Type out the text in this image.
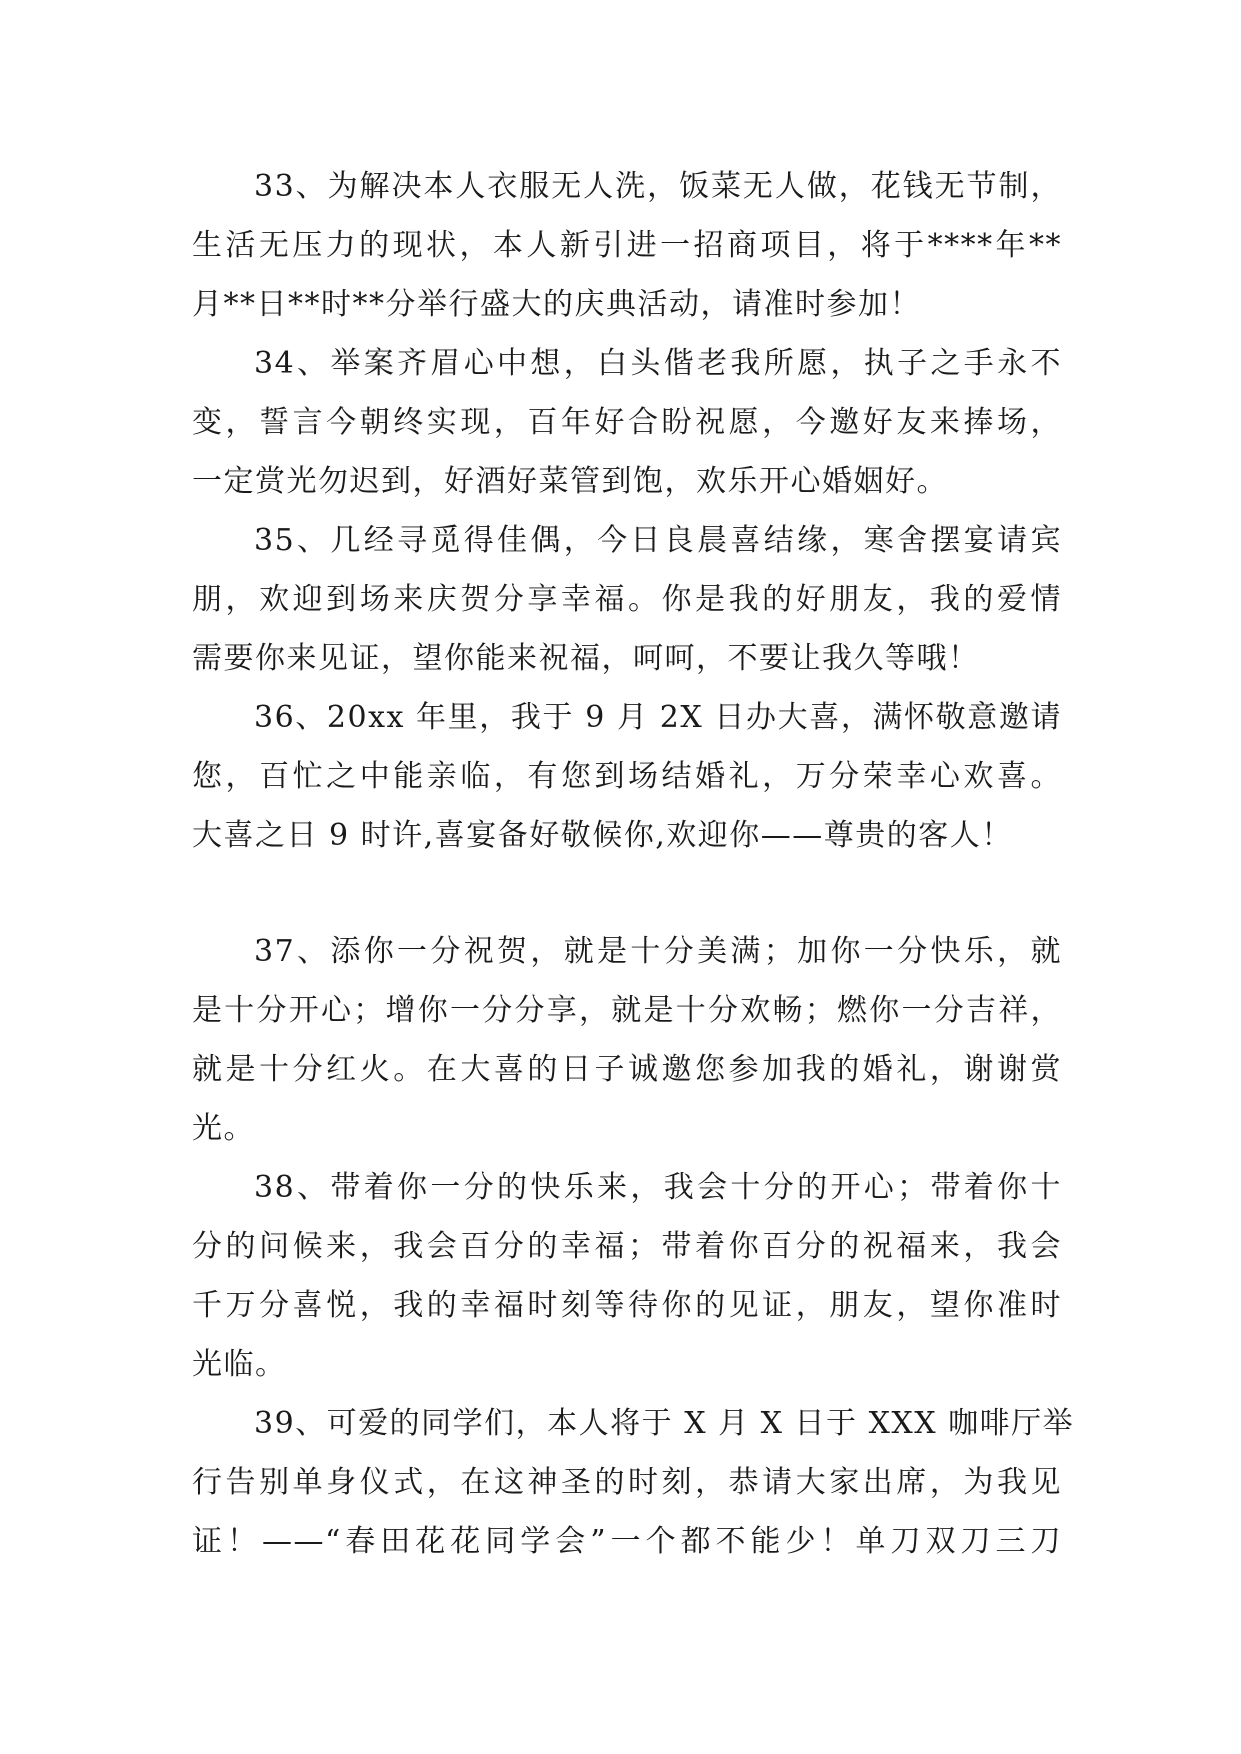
33、为解决本人衣服无人洗，饭菜无人做，花钱无节制，
生活无压力的现状，本人新引进一招商项目，将于****年**
月**日**时**分举行盛大的庆典活动，请准时参加！
34、举案齐眉心中想，白头偕老我所愿，执子之手永不
变，誓言今朝终实现，百年好合盼祝愿，今邀好友来捧场，
一定赏光勿迟到，好酒好菜管到饱，欢乐开心婚姻好。
35、几经寻觅得佳偶，今日良晨喜结缘，寒舍摆宴请宾
朋，欢迎到场来庆贺分享幸福。你是我的好朋友，我的爱情
需要你来见证，望你能来祝福，呵呵，不要让我久等哦！
36、20xx 年里，我于 9 月 2X 日办大喜，满怀敬意邀请
您，百忙之中能亲临，有您到场结婚礼，万分荣幸心欢喜。
大喜之日 9 时许,喜宴备好敬候你,欢迎你——尊贵的客人！
37、添你一分祝贺，就是十分美满；加你一分快乐，就
是十分开心；增你一分分享，就是十分欢畅；燃你一分吉祥，
就是十分红火。在大喜的日子诚邀您参加我的婚礼，谢谢赏
光。
38、带着你一分的快乐来，我会十分的开心；带着你十
分的问候来，我会百分的幸福；带着你百分的祝福来，我会
千万分喜悦，我的幸福时刻等待你的见证，朋友，望你准时
光临。
39、可爱的同学们，本人将于 X 月 X 日于 XXX 咖啡厅举
行告别单身仪式，在这神圣的时刻，恭请大家出席，为我见
证！——“春田花花同学会”一个都不能少！单刀双刀三刀
